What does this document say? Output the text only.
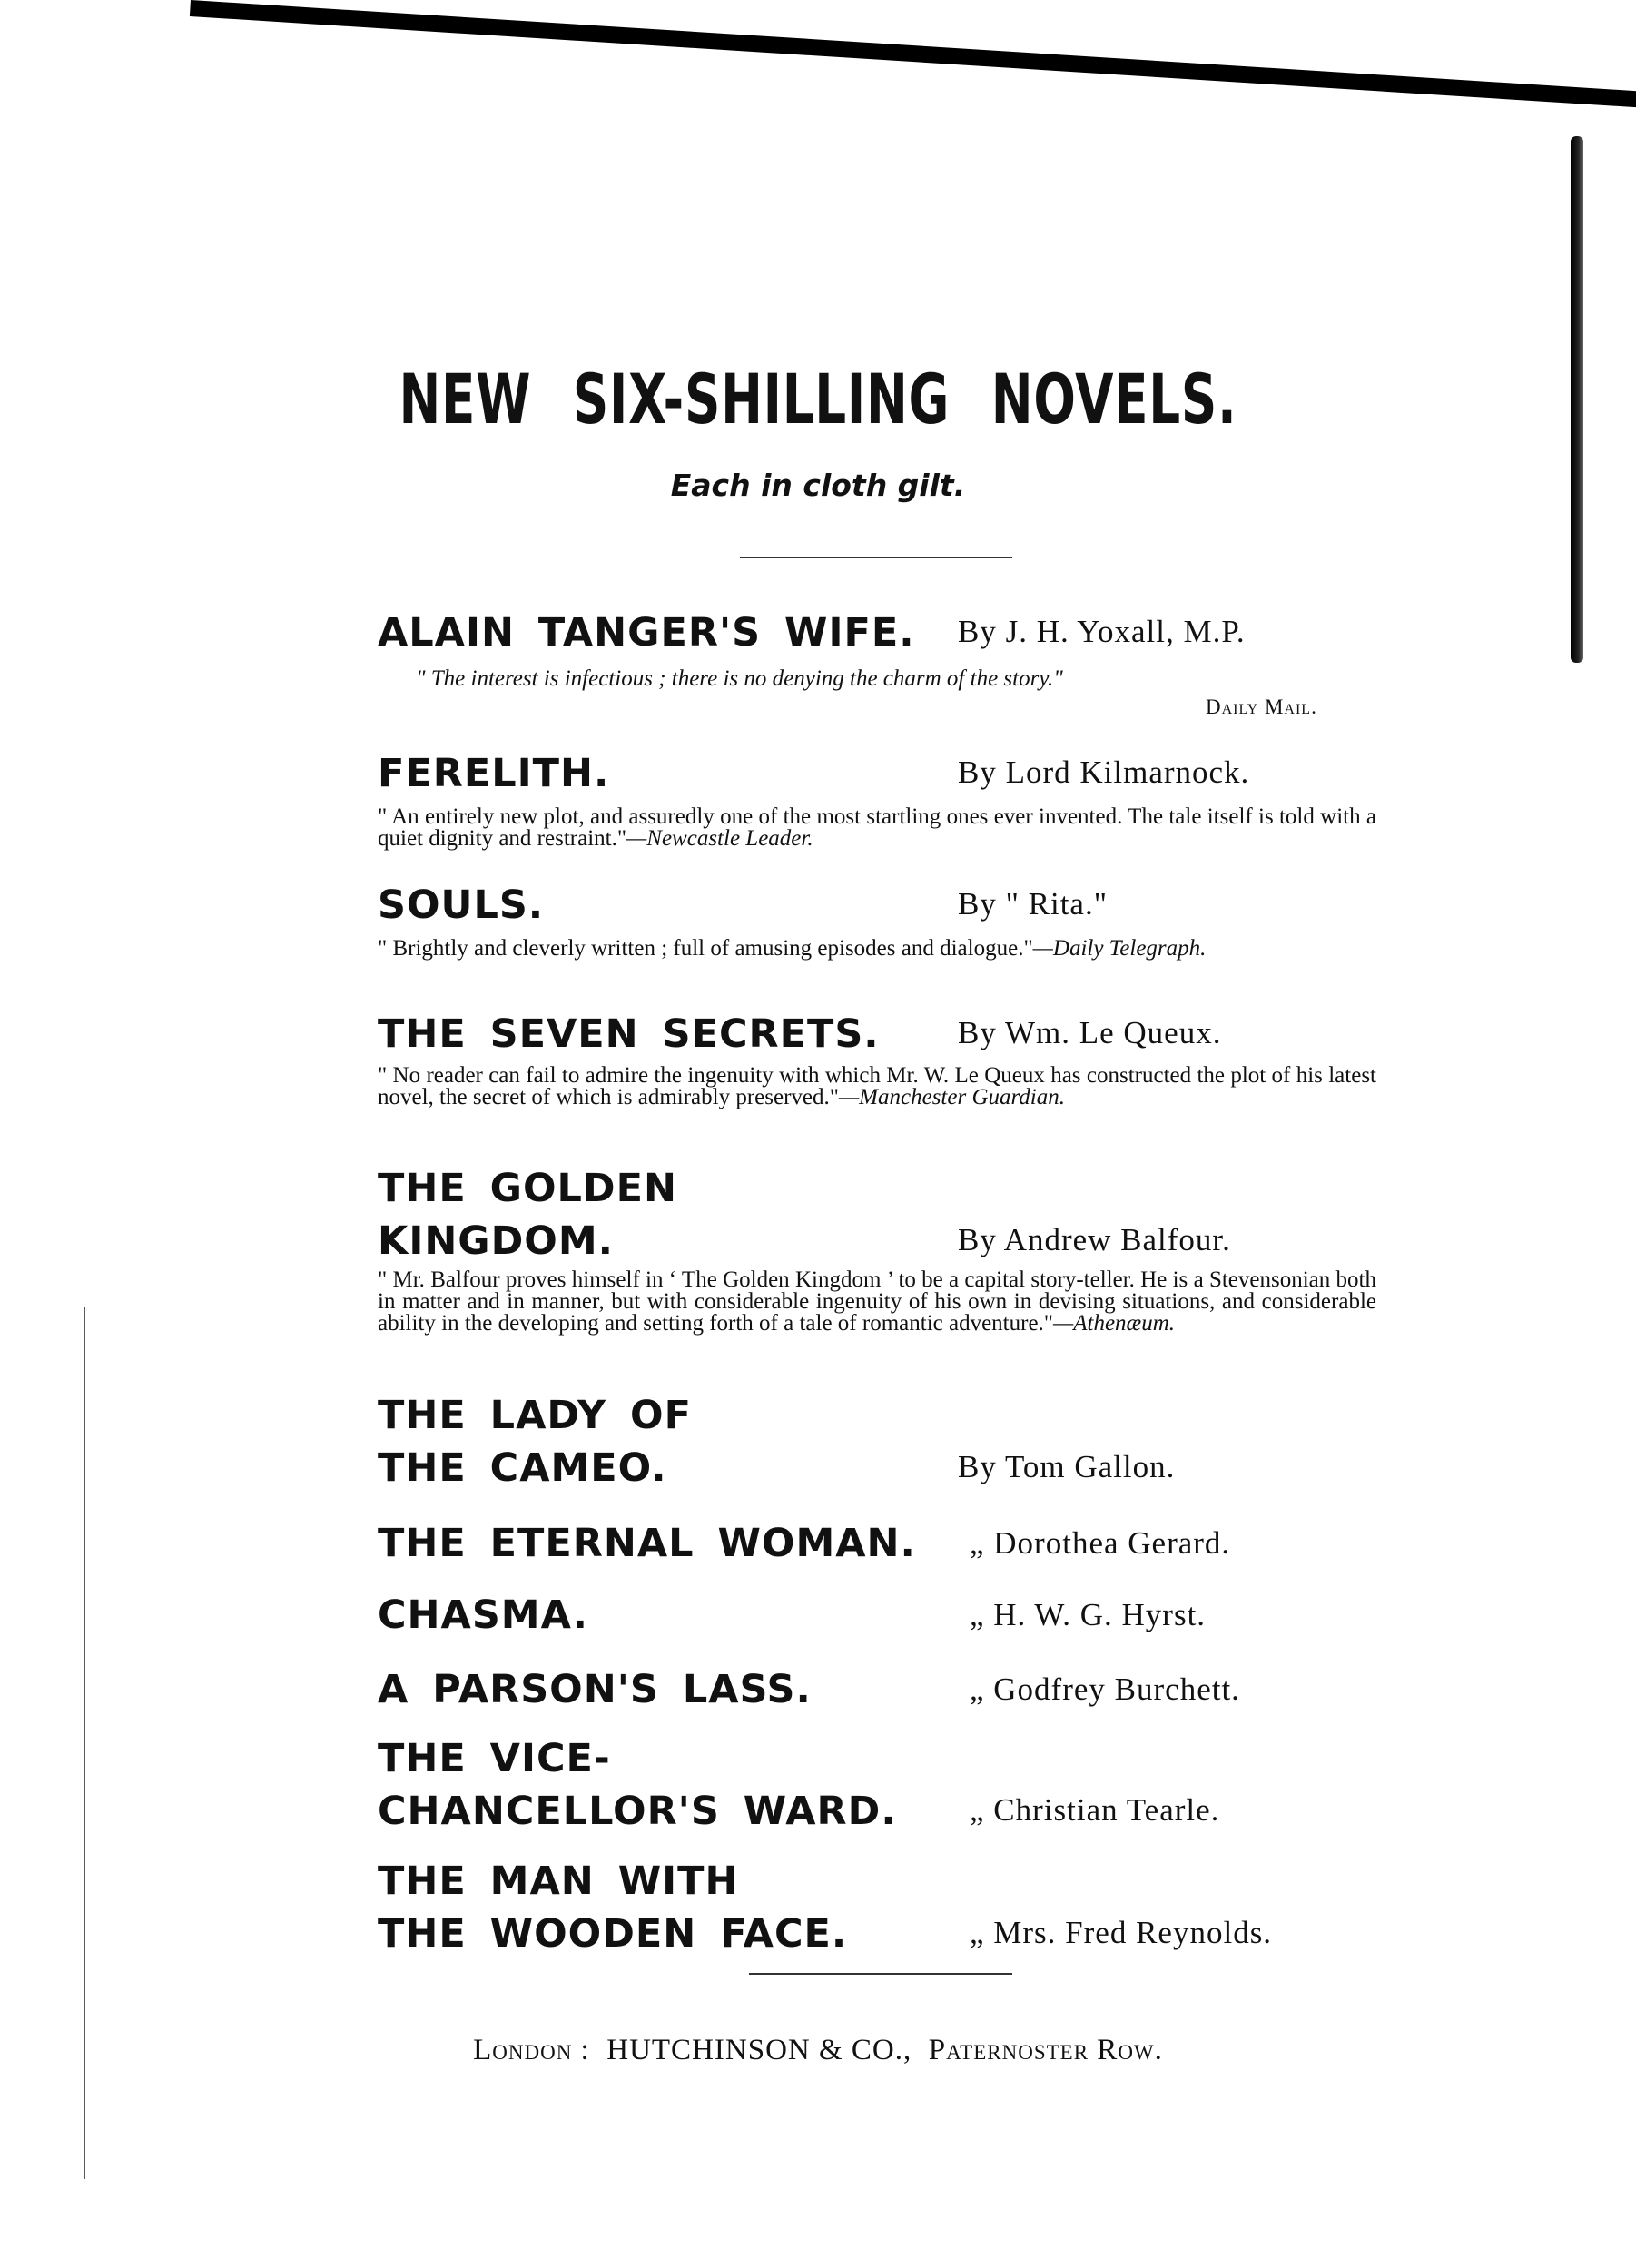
NEW SIX-SHILLING NOVELS.
Each in cloth gilt.
ALAIN TANGER'S WIFE. By J. H. Yoxall, M.P.
" The interest is infectious ; there is no denying the charm of the story."
Daily Mail.
FERELITH.	By Lord Kilmarnock.
" An entirely new plot, and assuredly one of the most startling ones ever invented. The tale itself is told with a quiet dignity and restraint."—Newcastle Leader.
SOULS.	By " Rita."
" Brightly and cleverly written ; full of amusing episodes and dialogue."—Daily Telegraph.
THE SEVEN SECRETS. By Wm. Le Queux.
" No reader can fail to admire the ingenuity with which Mr. W. Le Queux has constructed the plot of his latest novel, the secret of which is admirably preserved."—Manchester Guardian.
THE GOLDEN
KINGDOM.	By Andrew Balfour.
" Mr. Balfour proves himself in ‘ The Golden Kingdom ’ to be a capital story-teller. He is a Stevensonian both in matter and in manner, but with considerable ingenuity of his own in devising situations, and considerable ability in the developing and setting forth of a tale of romantic adventure."—Athenæum.
THE LADY OF
THE CAMEO.	By Tom Gallon.
THE ETERNAL WOMAN. „ Dorothea Gerard.
CHASMA.	„ H. W. G. Hyrst.
A PARSON'S LASS.	„ Godfrey Burchett.
THE VICE-
CHANCELLOR'S WARD. „ Christian Tearle.
THE MAN WITH
THE WOODEN FACE.	„ Mrs. Fred Reynolds.
London : HUTCHINSON & CO., Paternoster Row.
